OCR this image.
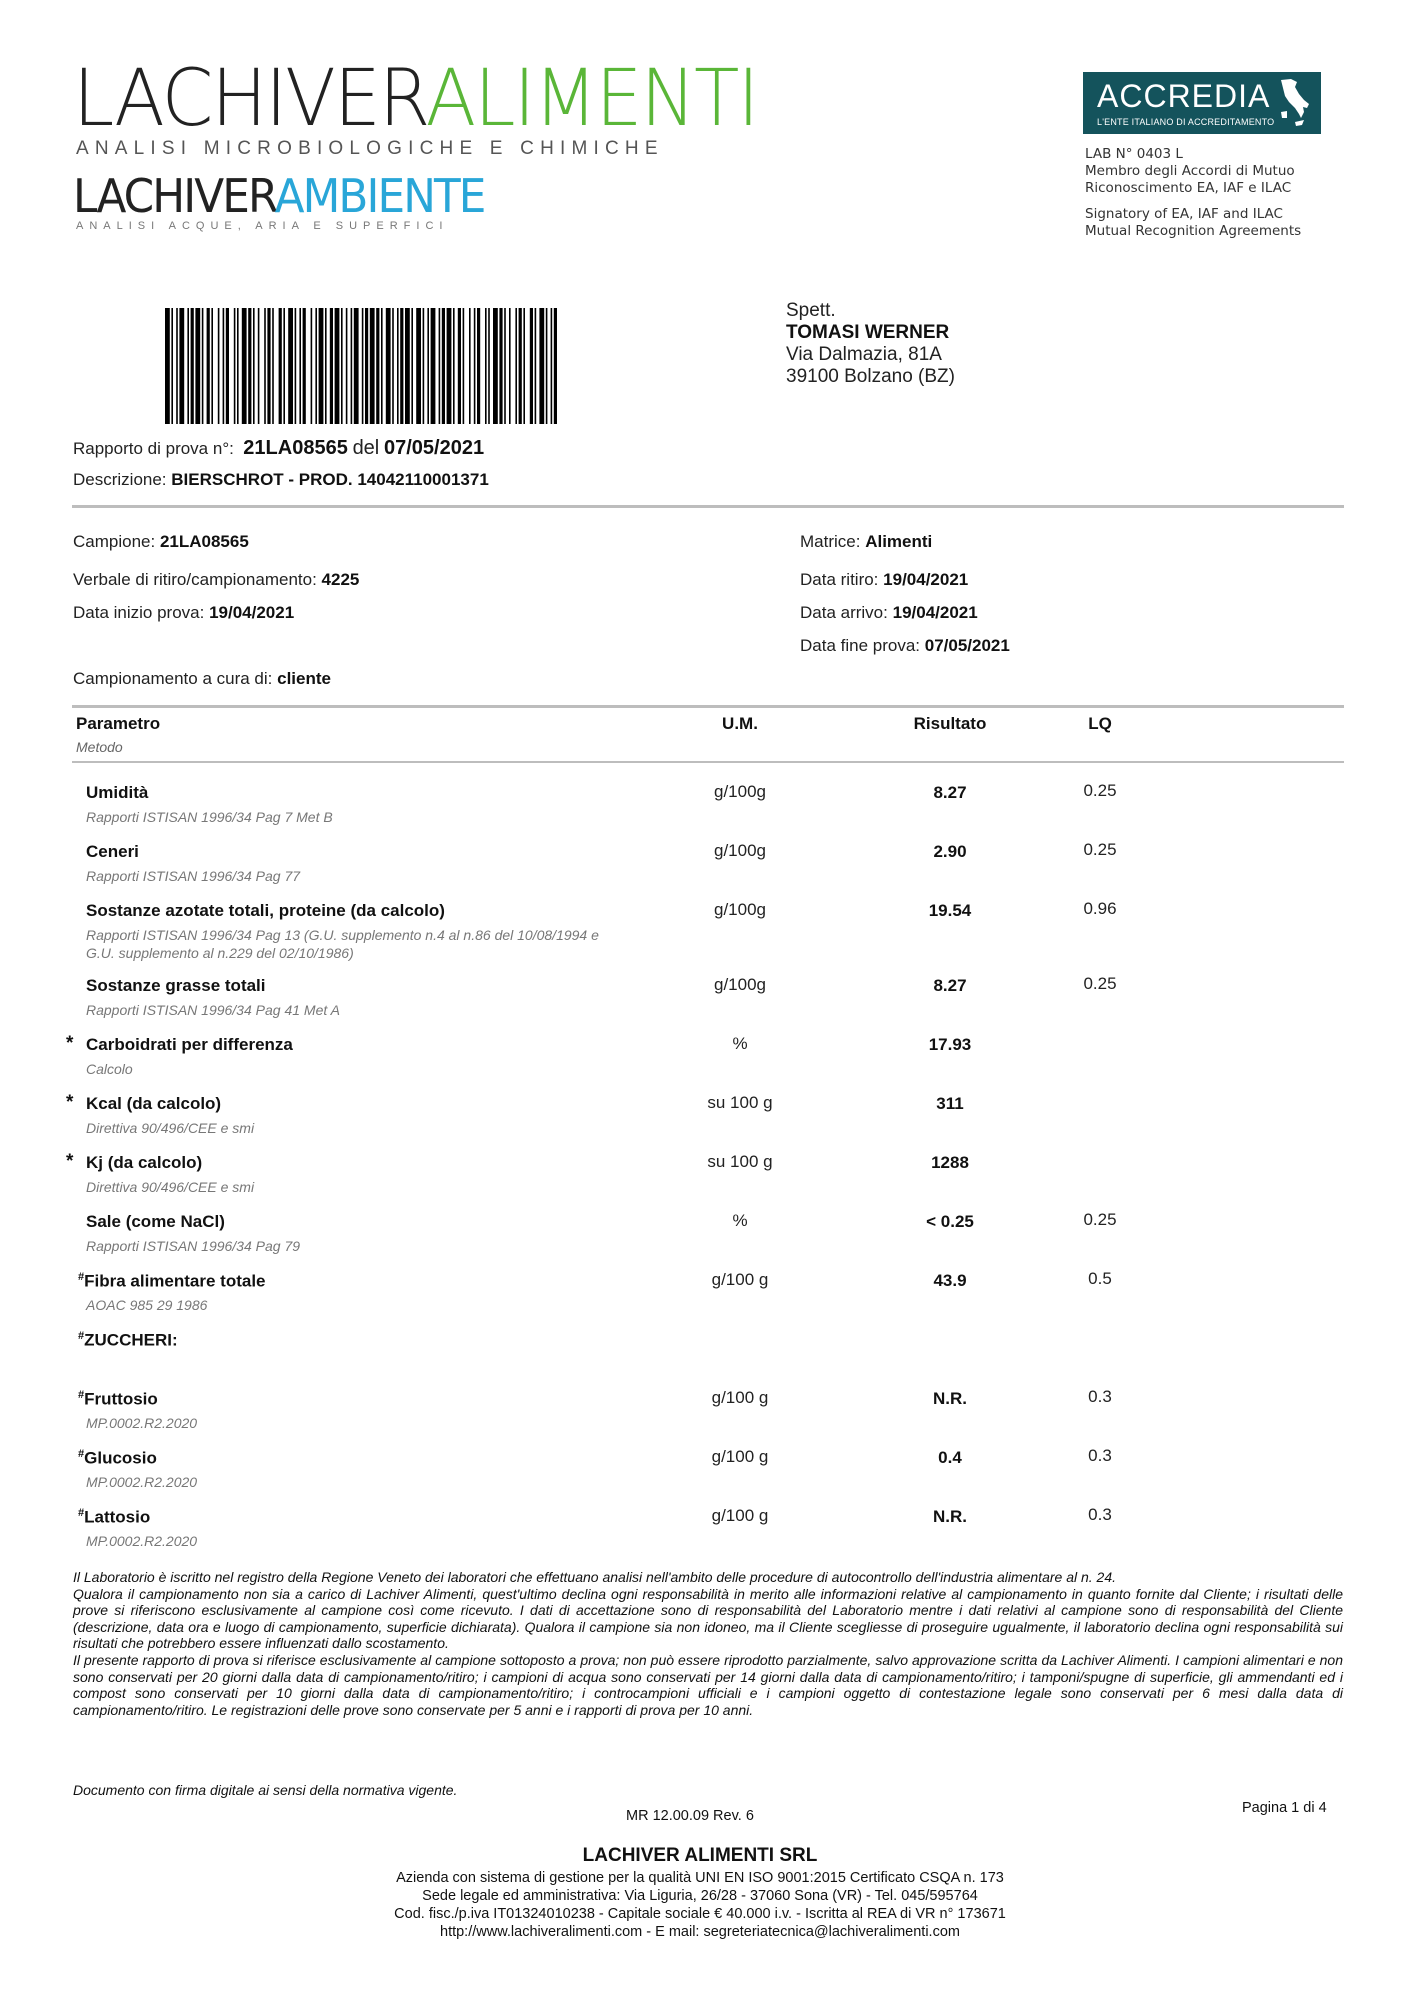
LACHIVERALIMENTI
ANALISI MICROBIOLOGICHE E CHIMICHE
LACHIVERAMBIENTE
ANALISI ACQUE, ARIA E SUPERFICI
ACCREDIA
L'ENTE ITALIANO DI ACCREDITAMENTO
LAB N° 0403 L
Membro degli Accordi di Mutuo
Riconoscimento EA, IAF e ILAC
Signatory of EA, IAF and ILAC
Mutual Recognition Agreements
Spett.
TOMASI WERNER
Via Dalmazia, 81A
39100 Bolzano (BZ)
Rapporto di prova n°: 21LA08565 del 07/05/2021
Descrizione: BIERSCHROT - PROD. 14042110001371
Campione: 21LA08565	Matrice: Alimenti
Verbale di ritiro/campionamento: 4225	Data ritiro: 19/04/2021
Data inizio prova: 19/04/2021	Data arrivo: 19/04/2021
Data fine prova: 07/05/2021
Campionamento a cura di: cliente
Parametro
Metodo
U.M.	Risultato	LQ
Umidità
Rapporti ISTISAN 1996/34 Pag 7 Met B
g/100g	8.27	0.25
Ceneri
Rapporti ISTISAN 1996/34 Pag 77
g/100g	2.90	0.25
Sostanze azotate totali, proteine (da calcolo)
Rapporti ISTISAN 1996/34 Pag 13 (G.U. supplemento n.4 al n.86 del 10/08/1994 e G.U. supplemento al n.229 del 02/10/1986)
g/100g	19.54	0.96
Sostanze grasse totali
Rapporti ISTISAN 1996/34 Pag 41 Met A
g/100g	8.27	0.25
* Carboidrati per differenza
Calcolo
%	17.93
* Kcal (da calcolo)
Direttiva 90/496/CEE e smi
su 100 g	311
* Kj (da calcolo)
Direttiva 90/496/CEE e smi
su 100 g	1288
Sale (come NaCl)
Rapporti ISTISAN 1996/34 Pag 79
%	< 0.25	0.25
#Fibra alimentare totale
AOAC 985 29 1986
g/100 g	43.9	0.5
#ZUCCHERI:
#Fruttosio
MP.0002.R2.2020
g/100 g	N.R.	0.3
#Glucosio
MP.0002.R2.2020
g/100 g	0.4	0.3
#Lattosio
MP.0002.R2.2020
g/100 g	N.R.	0.3
Il Laboratorio è iscritto nel registro della Regione Veneto dei laboratori che effettuano analisi nell'ambito delle procedure di autocontrollo dell'industria alimentare al n. 24.
Qualora il campionamento non sia a carico di Lachiver Alimenti, quest'ultimo declina ogni responsabilità in merito alle informazioni relative al campionamento in quanto fornite dal Cliente; i risultati delle prove si riferiscono esclusivamente al campione così come ricevuto. I dati di accettazione sono di responsabilità del Laboratorio mentre i dati relativi al campione sono di responsabilità del Cliente (descrizione, data ora e luogo di campionamento, superficie dichiarata). Qualora il campione sia non idoneo, ma il Cliente scegliesse di proseguire ugualmente, il laboratorio declina ogni responsabilità sui risultati che potrebbero essere influenzati dallo scostamento.
Il presente rapporto di prova si riferisce esclusivamente al campione sottoposto a prova; non può essere riprodotto parzialmente, salvo approvazione scritta da Lachiver Alimenti. I campioni alimentari e non sono conservati per 20 giorni dalla data di campionamento/ritiro; i campioni di acqua sono conservati per 14 giorni dalla data di campionamento/ritiro; i tamponi/spugne di superficie, gli ammendanti ed i compost sono conservati per 10 giorni dalla data di campionamento/ritiro; i controcampioni ufficiali e i campioni oggetto di contestazione legale sono conservati per 6 mesi dalla data di campionamento/ritiro. Le registrazioni delle prove sono conservate per 5 anni e i rapporti di prova per 10 anni.
Documento con firma digitale ai sensi della normativa vigente.
MR 12.00.09 Rev. 6	Pagina 1 di 4
LACHIVER ALIMENTI SRL
Azienda con sistema di gestione per la qualità UNI EN ISO 9001:2015 Certificato CSQA n. 173
Sede legale ed amministrativa: Via Liguria, 26/28 - 37060 Sona (VR) - Tel. 045/595764
Cod. fisc./p.iva IT01324010238 - Capitale sociale € 40.000 i.v. - Iscritta al REA di VR n° 173671
http://www.lachiveralimenti.com - E mail: segreteriatecnica@lachiveralimenti.com
